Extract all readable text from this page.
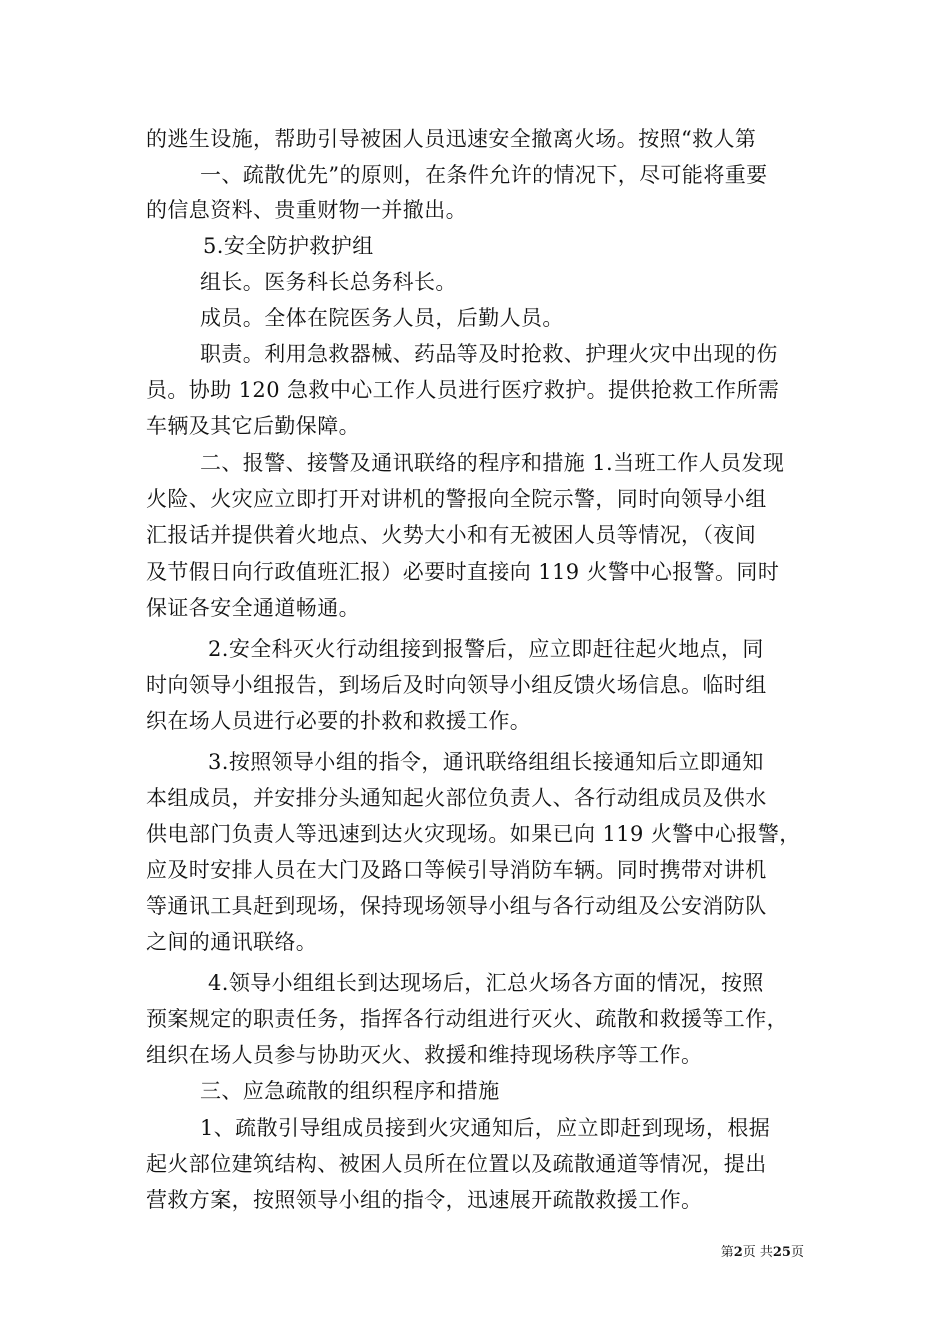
的逃生设施，帮助引导被困人员迅速安全撤离火场。按照“救人第
一、疏散优先”的原则，在条件允许的情况下，尽可能将重要
的信息资料、贵重财物一并撤出。
5.安全防护救护组
组长。医务科长总务科长。
成员。全体在院医务人员，后勤人员。
职责。利用急救器械、药品等及时抢救、护理火灾中出现的伤
员。协助 120 急救中心工作人员进行医疗救护。提供抢救工作所需
车辆及其它后勤保障。
二、报警、接警及通讯联络的程序和措施 1.当班工作人员发现
火险、火灾应立即打开对讲机的警报向全院示警，同时向领导小组
汇报话并提供着火地点、火势大小和有无被困人员等情况，（夜间
及节假日向行政值班汇报）必要时直接向 119 火警中心报警。同时
保证各安全通道畅通。
2.安全科灭火行动组接到报警后，应立即赶往起火地点，同
时向领导小组报告，到场后及时向领导小组反馈火场信息。临时组
织在场人员进行必要的扑救和救援工作。
3.按照领导小组的指令，通讯联络组组长接通知后立即通知
本组成员，并安排分头通知起火部位负责人、各行动组成员及供水
供电部门负责人等迅速到达火灾现场。如果已向 119 火警中心报警，
应及时安排人员在大门及路口等候引导消防车辆。同时携带对讲机
等通讯工具赶到现场，保持现场领导小组与各行动组及公安消防队
之间的通讯联络。
4.领导小组组长到达现场后，汇总火场各方面的情况，按照
预案规定的职责任务，指挥各行动组进行灭火、疏散和救援等工作，
组织在场人员参与协助灭火、救援和维持现场秩序等工作。
三、应急疏散的组织程序和措施
1、疏散引导组成员接到火灾通知后，应立即赶到现场，根据
起火部位建筑结构、被困人员所在位置以及疏散通道等情况，提出
营救方案，按照领导小组的指令，迅速展开疏散救援工作。
第2页 共25页
